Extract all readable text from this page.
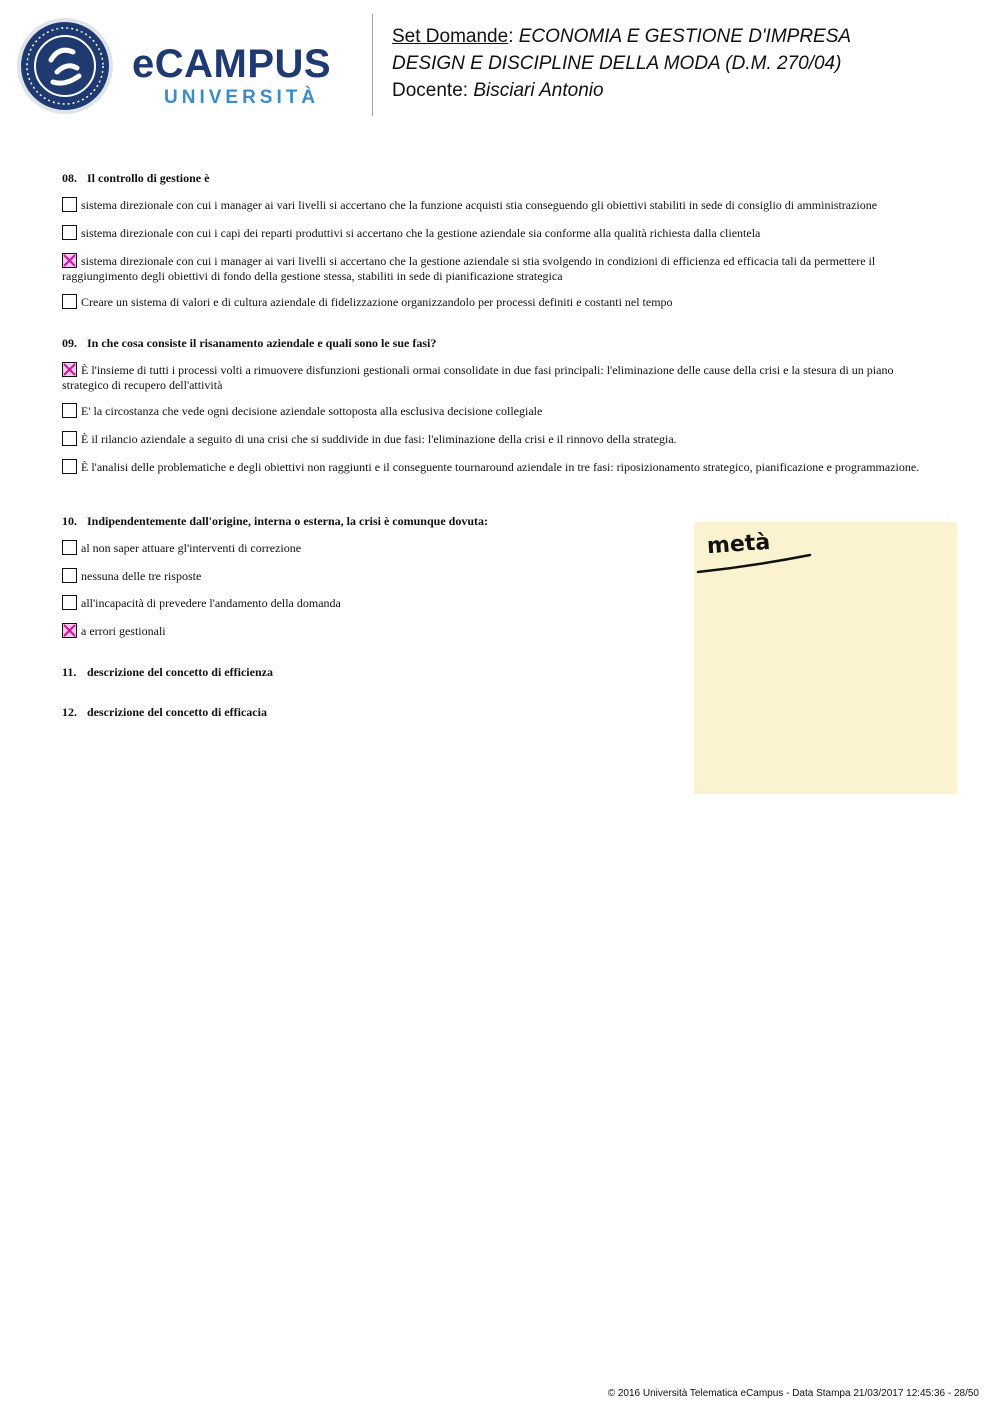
eCAMPUS
UNIVERSITÀ
Set Domande: ECONOMIA E GESTIONE D'IMPRESA
DESIGN E DISCIPLINE DELLA MODA (D.M. 270/04)
Docente: Bisciari Antonio
08. Il controllo di gestione è
sistema direzionale con cui i manager ai vari livelli si accertano che la funzione acquisti stia conseguendo gli obiettivi stabiliti in sede di consiglio di amministrazione
sistema direzionale con cui i capi dei reparti produttivi si accertano che la gestione aziendale sia conforme alla qualità richiesta dalla clientela
sistema direzionale con cui i manager ai vari livelli si accertano che la gestione aziendale si stia svolgendo in condizioni di efficienza ed efficacia tali da permettere il raggiungimento degli obiettivi di fondo della gestione stessa, stabiliti in sede di pianificazione strategica
Creare un sistema di valori e di cultura aziendale di fidelizzazione organizzandolo per processi definiti e costanti nel tempo
09. In che cosa consiste il risanamento aziendale e quali sono le sue fasi?
È l'insieme di tutti i processi volti a rimuovere disfunzioni gestionali ormai consolidate in due fasi principali: l'eliminazione delle cause della crisi e la stesura di un piano strategico di recupero dell'attività
E' la circostanza che vede ogni decisione aziendale sottoposta alla esclusiva decisione collegiale
È il rilancio aziendale a seguito di una crisi che si suddivide in due fasi: l'eliminazione della crisi e il rinnovo della strategia.
È l'analisi delle problematiche e degli obiettivi non raggiunti e il conseguente tournaround aziendale in tre fasi: riposizionamento strategico, pianificazione e programmazione.
10. Indipendentemente dall'origine, interna o esterna, la crisi è comunque dovuta:
al non saper attuare gl'interventi di correzione
nessuna delle tre risposte
all'incapacità di prevedere l'andamento della domanda
a errori gestionali
11. descrizione del concetto di efficienza
12. descrizione del concetto di efficacia
metà
© 2016 Università Telematica eCampus - Data Stampa 21/03/2017 12:45:36 - 28/50
